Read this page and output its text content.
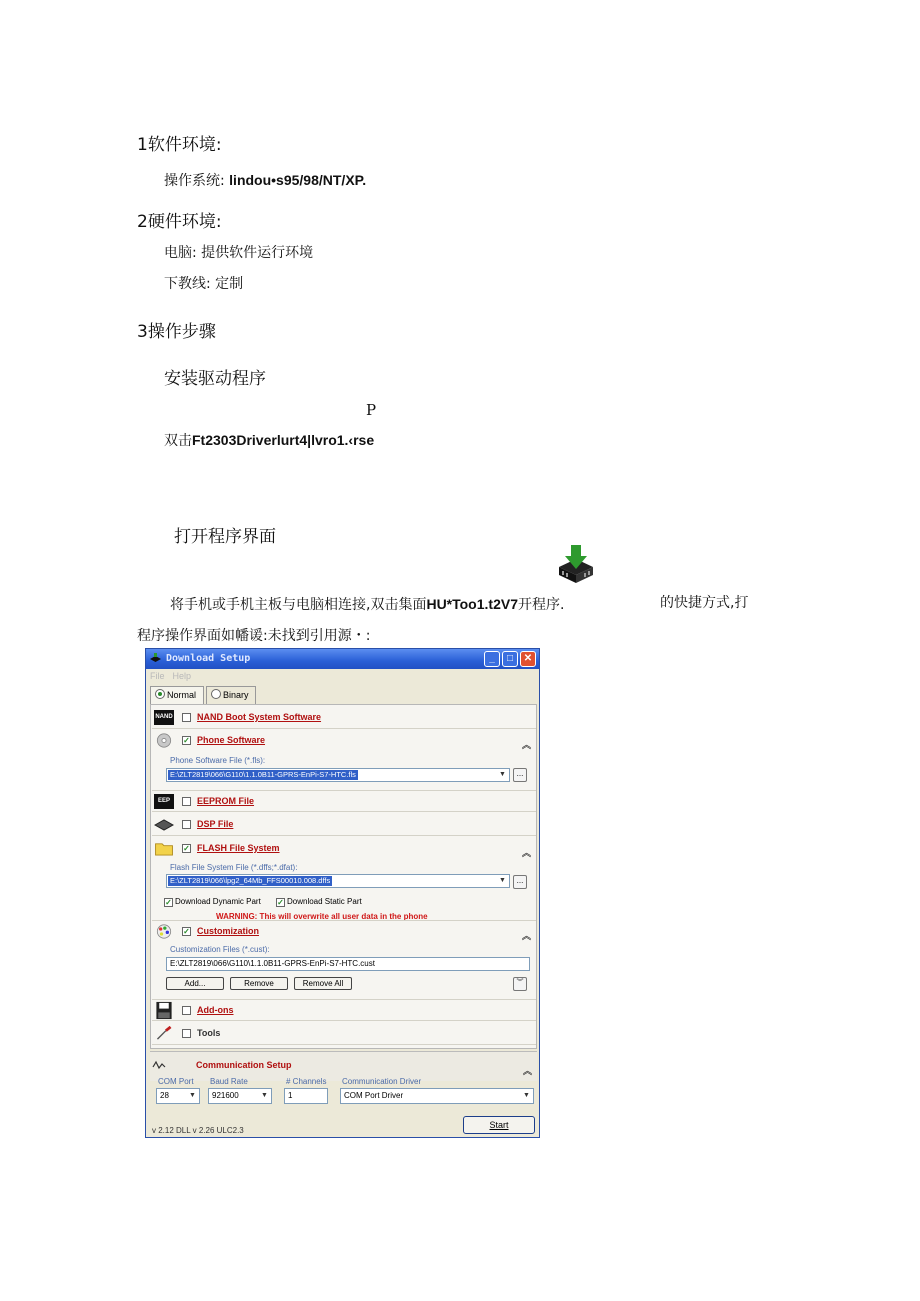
1软件环境:
操作系统: lindou•s95/98/NT/XP.
2硬件环境:
电脑: 提供软件运行环境
下教线: 定制
3操作步骤
安装驱动程序
P
双击Ft2303Driverlurt4|lvro1.‹rse
打开程序界面
将手机或手机主板与电脑相连接,双击集面HU*Too1.t2V7开程序.	的快捷方式,打
程序操作界面如幡谖:未找到引用源・:
Download Setup	_	□	✕
File Help
Normal	Binary
NAND	NAND Boot System Software
✓ Phone Software	︽
Phone Software File (*.fls):
E:\ZLT2819\066\G110\1.1.0B11-GPRS-EnPi-S7-HTC.fls	▼	...
EEP	EEPROM File
DSP File
✓ FLASH File System	︽
Flash File System File (*.dffs;*.dfat):
E:\ZLT2819\066\lpg2_64Mb_FFS00010.008.dffs	▼	...
✓ Download Dynamic Part ✓ Download Static Part
WARNING: This will overwrite all user data in the phone
✓ Customization	︽
Customization Files (*.cust):
E:\ZLT2819\066\G110\1.1.0B11-GPRS-EnPi-S7-HTC.cust
Add...	Remove	Remove All	︾
Add-ons
Tools
Communication Setup
︽
COM Port
28	▼
Baud Rate
921600	▼
# Channels
1
Communication Driver
COM Port Driver	▼
v 2.12 DLL v 2.26 ULC2.3
Start
